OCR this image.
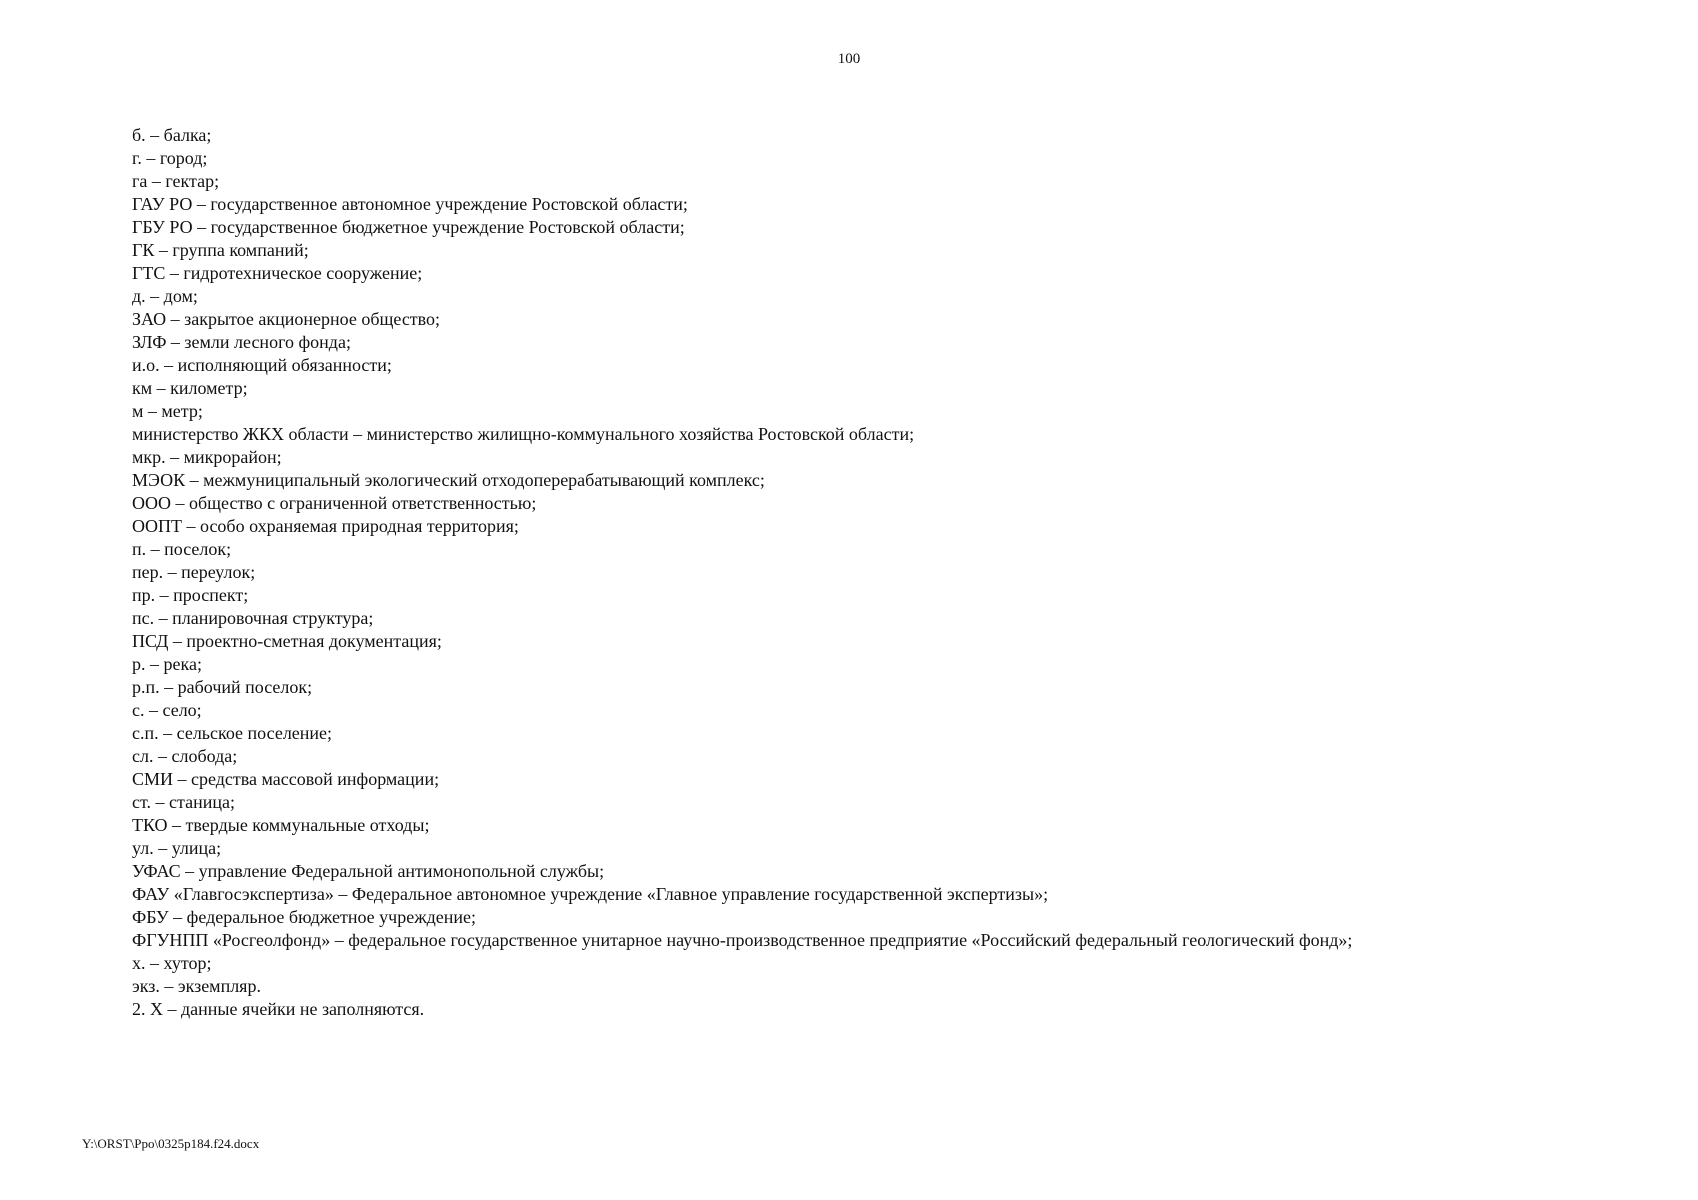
100
б. – балка;
г. – город;
га – гектар;
ГАУ РО – государственное автономное учреждение Ростовской области;
ГБУ РО – государственное бюджетное учреждение Ростовской области;
ГК – группа компаний;
ГТС – гидротехническое сооружение;
д. – дом;
ЗАО – закрытое акционерное общество;
ЗЛФ – земли лесного фонда;
и.о. – исполняющий обязанности;
км – километр;
м – метр;
министерство ЖКХ области – министерство жилищно-коммунального хозяйства Ростовской области;
мкр. – микрорайон;
МЭОК – межмуниципальный экологический отходоперерабатывающий комплекс;
ООО – общество с ограниченной ответственностью;
ООПТ – особо охраняемая природная территория;
п. – поселок;
пер. – переулок;
пр. – проспект;
пс. – планировочная структура;
ПСД – проектно-сметная документация;
р. – река;
р.п. – рабочий поселок;
с. – село;
с.п. – сельское поселение;
сл. – слобода;
СМИ – средства массовой информации;
ст. – станица;
ТКО – твердые коммунальные отходы;
ул. – улица;
УФАС – управление Федеральной антимонопольной службы;
ФАУ «Главгосэкспертиза» – Федеральное автономное учреждение «Главное управление государственной экспертизы»;
ФБУ – федеральное бюджетное учреждение;
ФГУНПП «Росгеолфонд» – федеральное государственное унитарное научно-производственное предприятие «Российский федеральный геологический фонд»;
х. – хутор;
экз. – экземпляр.
2. Х – данные ячейки не заполняются.
Y:\ORST\Ppo\0325p184.f24.docx
